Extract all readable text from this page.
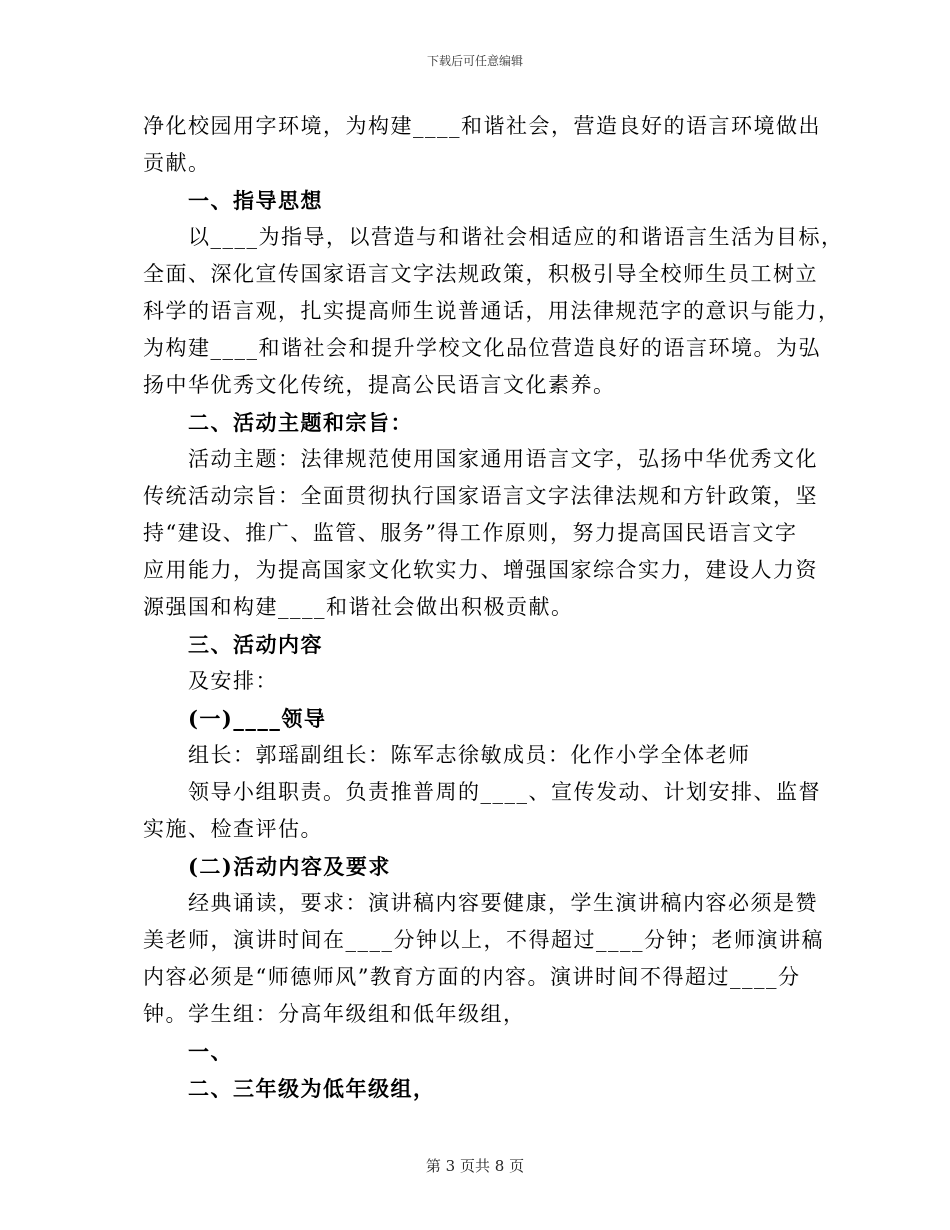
下载后可任意编辑
净化校园用字环境，为构建____和谐社会，营造良好的语言环境做出
贡献。
一、指导思想
以____为指导，以营造与和谐社会相适应的和谐语言生活为目标，
全面、深化宣传国家语言文字法规政策，积极引导全校师生员工树立
科学的语言观，扎实提高师生说普通话，用法律规范字的意识与能力，
为构建____和谐社会和提升学校文化品位营造良好的语言环境。为弘
扬中华优秀文化传统，提高公民语言文化素养。
二、活动主题和宗旨：
活动主题：法律规范使用国家通用语言文字，弘扬中华优秀文化
传统活动宗旨：全面贯彻执行国家语言文字法律法规和方针政策，坚
持“建设、推广、监管、服务”得工作原则，努力提高国民语言文字
应用能力，为提高国家文化软实力、增强国家综合实力，建设人力资
源强国和构建____和谐社会做出积极贡献。
三、活动内容
及安排：
(一)____领导
组长：郭瑶副组长：陈军志徐敏成员：化作小学全体老师
领导小组职责。负责推普周的____、宣传发动、计划安排、监督
实施、检查评估。
(二)活动内容及要求
经典诵读，要求：演讲稿内容要健康，学生演讲稿内容必须是赞
美老师，演讲时间在____分钟以上，不得超过____分钟；老师演讲稿
内容必须是“师德师风”教育方面的内容。演讲时间不得超过____分
钟。学生组：分高年级组和低年级组，
一、
二、三年级为低年级组，
第 3 页共 8 页
